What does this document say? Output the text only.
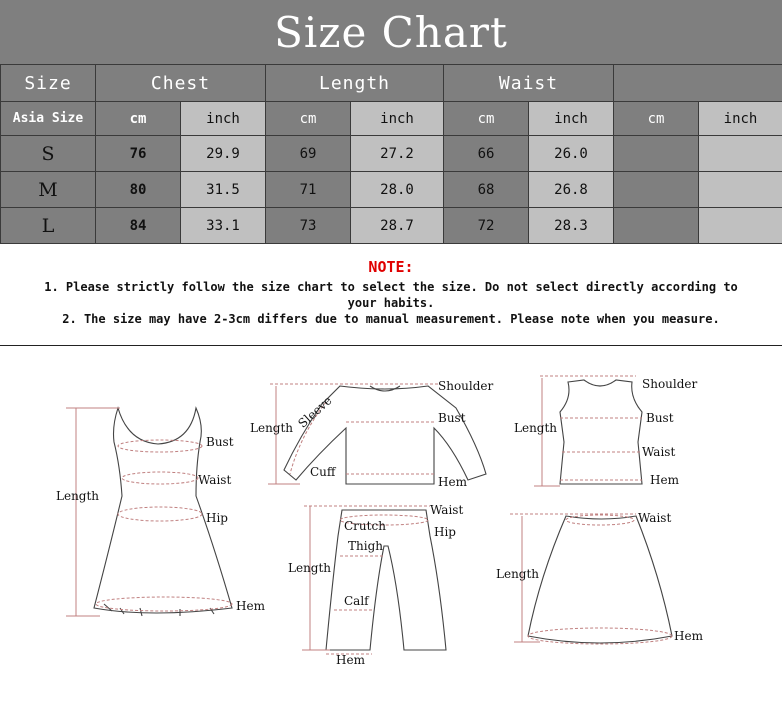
Size Chart
Size	Chest		Length		Waist			
Asia Size	cm	inch	cm	inch	cm	inch	cm	inch
S	76	29.9	69	27.2	66	26.0		
M	80	31.5	71	28.0	68	26.8		
L	84	33.1	73	28.7	72	28.3		
NOTE:
1. Please strictly follow the size chart to select the size. Do not select directly according to
your habits.
2. The size may have 2-3cm differs due to manual measurement. Please note when you measure.
Length
Bust
Waist
Hip
Hem
Length Sleeve
Shoulder
Bust
Cuff
Hem
Length
Shoulder
Bust
Waist
Hem
Length
Waist
Crutch	Hip
Thigh
Calf
Hem
Length
Waist
Hem
